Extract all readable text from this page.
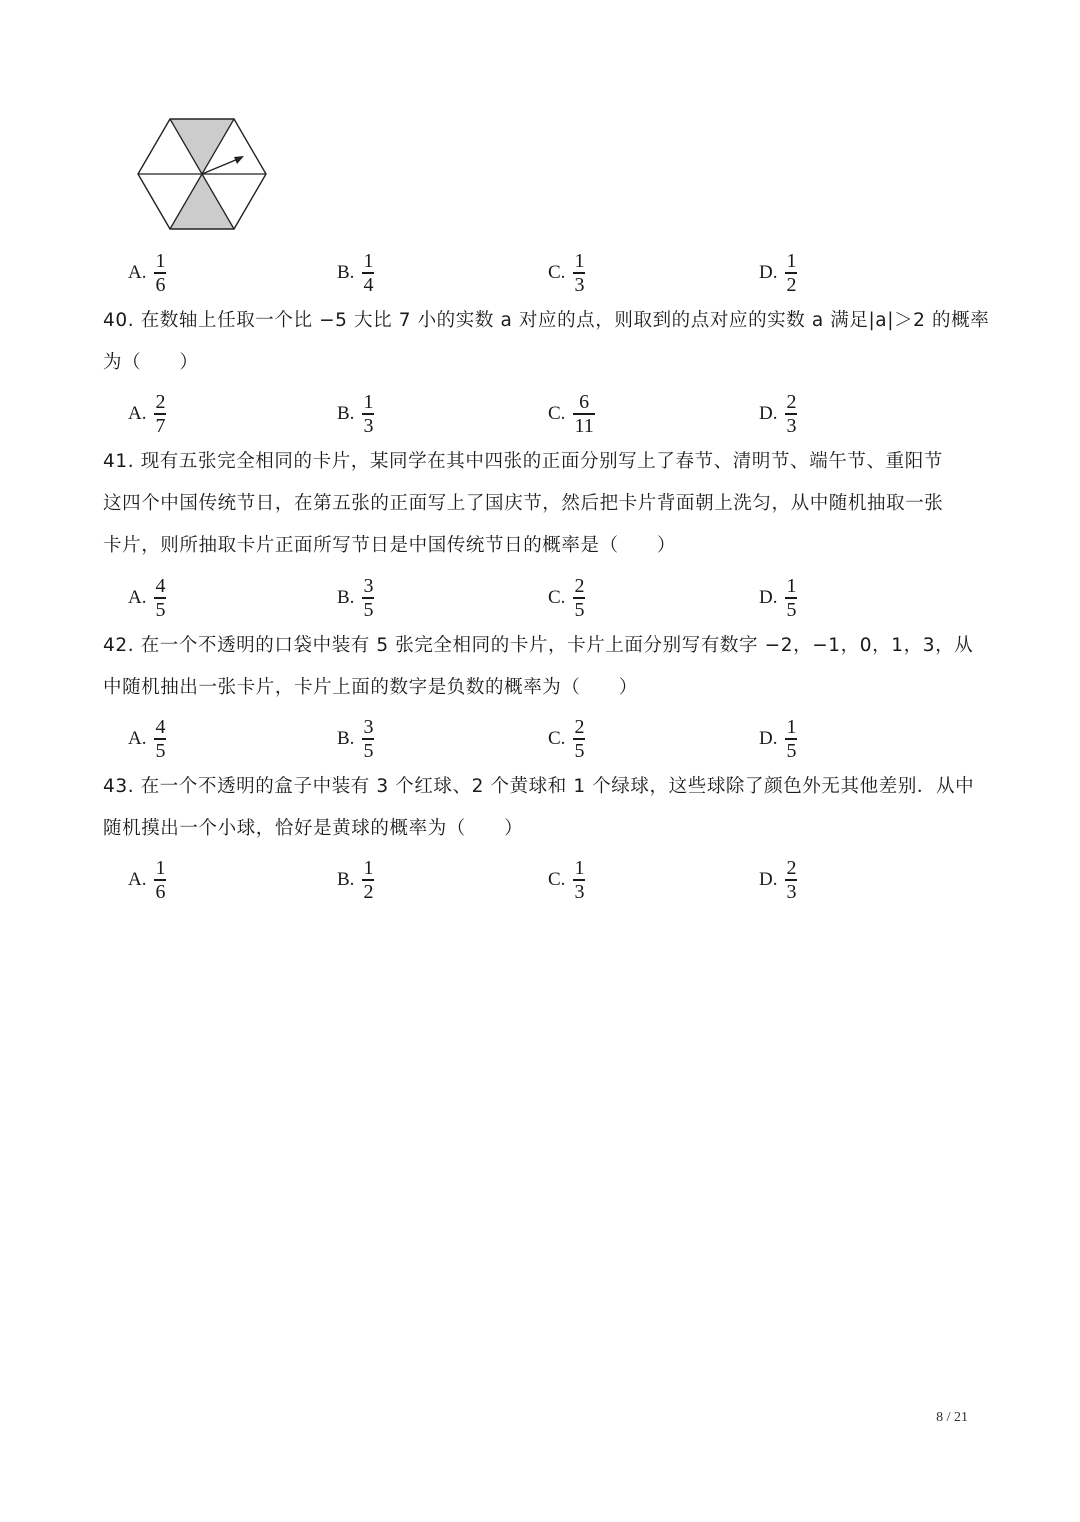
A. $\frac{1}{6}$	B. $\frac{1}{4}$	C. $\frac{1}{3}$	D. $\frac{1}{2}$
40. 在数轴上任取一个比 −5 大比 7 小的实数 a 对应的点，则取到的点对应的实数 a 满足|a|＞2 的概率
为（　　）
A. $\frac{2}{7}$	B. $\frac{1}{3}$	C. $\frac{6}{11}$	D. $\frac{2}{3}$
41. 现有五张完全相同的卡片，某同学在其中四张的正面分别写上了春节、清明节、端午节、重阳节
这四个中国传统节日，在第五张的正面写上了国庆节，然后把卡片背面朝上洗匀，从中随机抽取一张
卡片，则所抽取卡片正面所写节日是中国传统节日的概率是（　　）
A. $\frac{4}{5}$	B. $\frac{3}{5}$	C. $\frac{2}{5}$	D. $\frac{1}{5}$
42. 在一个不透明的口袋中装有 5 张完全相同的卡片，卡片上面分别写有数字 −2，−1，0，1，3，从
中随机抽出一张卡片，卡片上面的数字是负数的概率为（　　）
A. $\frac{4}{5}$	B. $\frac{3}{5}$	C. $\frac{2}{5}$	D. $\frac{1}{5}$
43. 在一个不透明的盒子中装有 3 个红球、2 个黄球和 1 个绿球，这些球除了颜色外无其他差别．从中
随机摸出一个小球，恰好是黄球的概率为（　　）
A. $\frac{1}{6}$	B. $\frac{1}{2}$	C. $\frac{1}{3}$	D. $\frac{2}{3}$
8 / 21
